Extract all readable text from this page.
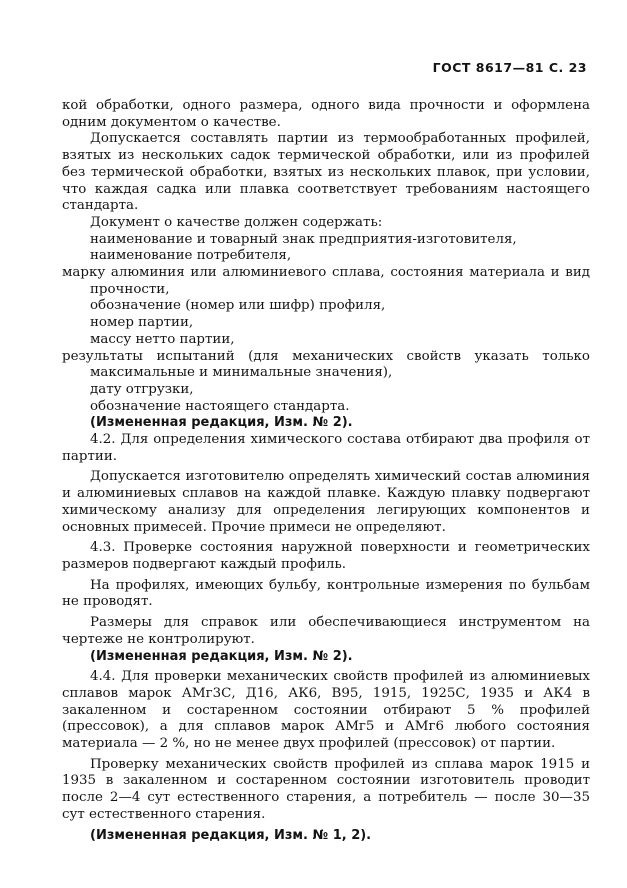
ГОСТ 8617—81 С. 23

кой обработки, одного размера, одного вида прочности и оформлена одним документом о качестве.

Допускается составлять партии из термообработанных профилей, взятых из нескольких садок термической обработки, или из профилей без термической обработки, взятых из нескольких плавок, при условии, что каждая садка или плавка соответствует требованиям настоящего стандарта.

Документ о качестве должен содержать:

наименование и товарный знак предприятия-изготовителя,

наименование потребителя,

марку алюминия или алюминиевого сплава, состояния материала и вид прочности,

обозначение (номер или шифр) профиля,

номер партии,

массу нетто партии,

результаты испытаний (для механических свойств указать только максимальные и минимальные значения),

дату отгрузки,

обозначение настоящего стандарта.

(Измененная редакция, Изм. № 2).

4.2. Для определения химического состава отбирают два профиля от партии.

Допускается изготовителю определять химический состав алюминия и алюминиевых сплавов на каждой плавке. Каждую плавку подвергают химическому анализу для определения легирующих компонентов и основных примесей. Прочие примеси не определяют.

4.3. Проверке состояния наружной поверхности и геометрических размеров подвергают каждый профиль.

На профилях, имеющих бульбу, контрольные измерения по бульбам не проводят.

Размеры для справок или обеспечивающиеся инструментом на чертеже не контролируют.

(Измененная редакция, Изм. № 2).

4.4. Для проверки механических свойств профилей из алюминиевых сплавов марок АМг3С, Д16, АК6, В95, 1915, 1925С, 1935 и АК4 в закаленном и состаренном состоянии отбирают 5 % профилей (прессовок), а для сплавов марок АМг5 и АМг6 любого состояния материала — 2 %, но не менее двух профилей (прессовок) от партии.

Проверку механических свойств профилей из сплава марок 1915 и 1935 в закаленном и состаренном состоянии изготовитель проводит после 2—4 сут естественного старения, а потребитель — после 30—35 сут естественного старения.

(Измененная редакция, Изм. № 1, 2).
